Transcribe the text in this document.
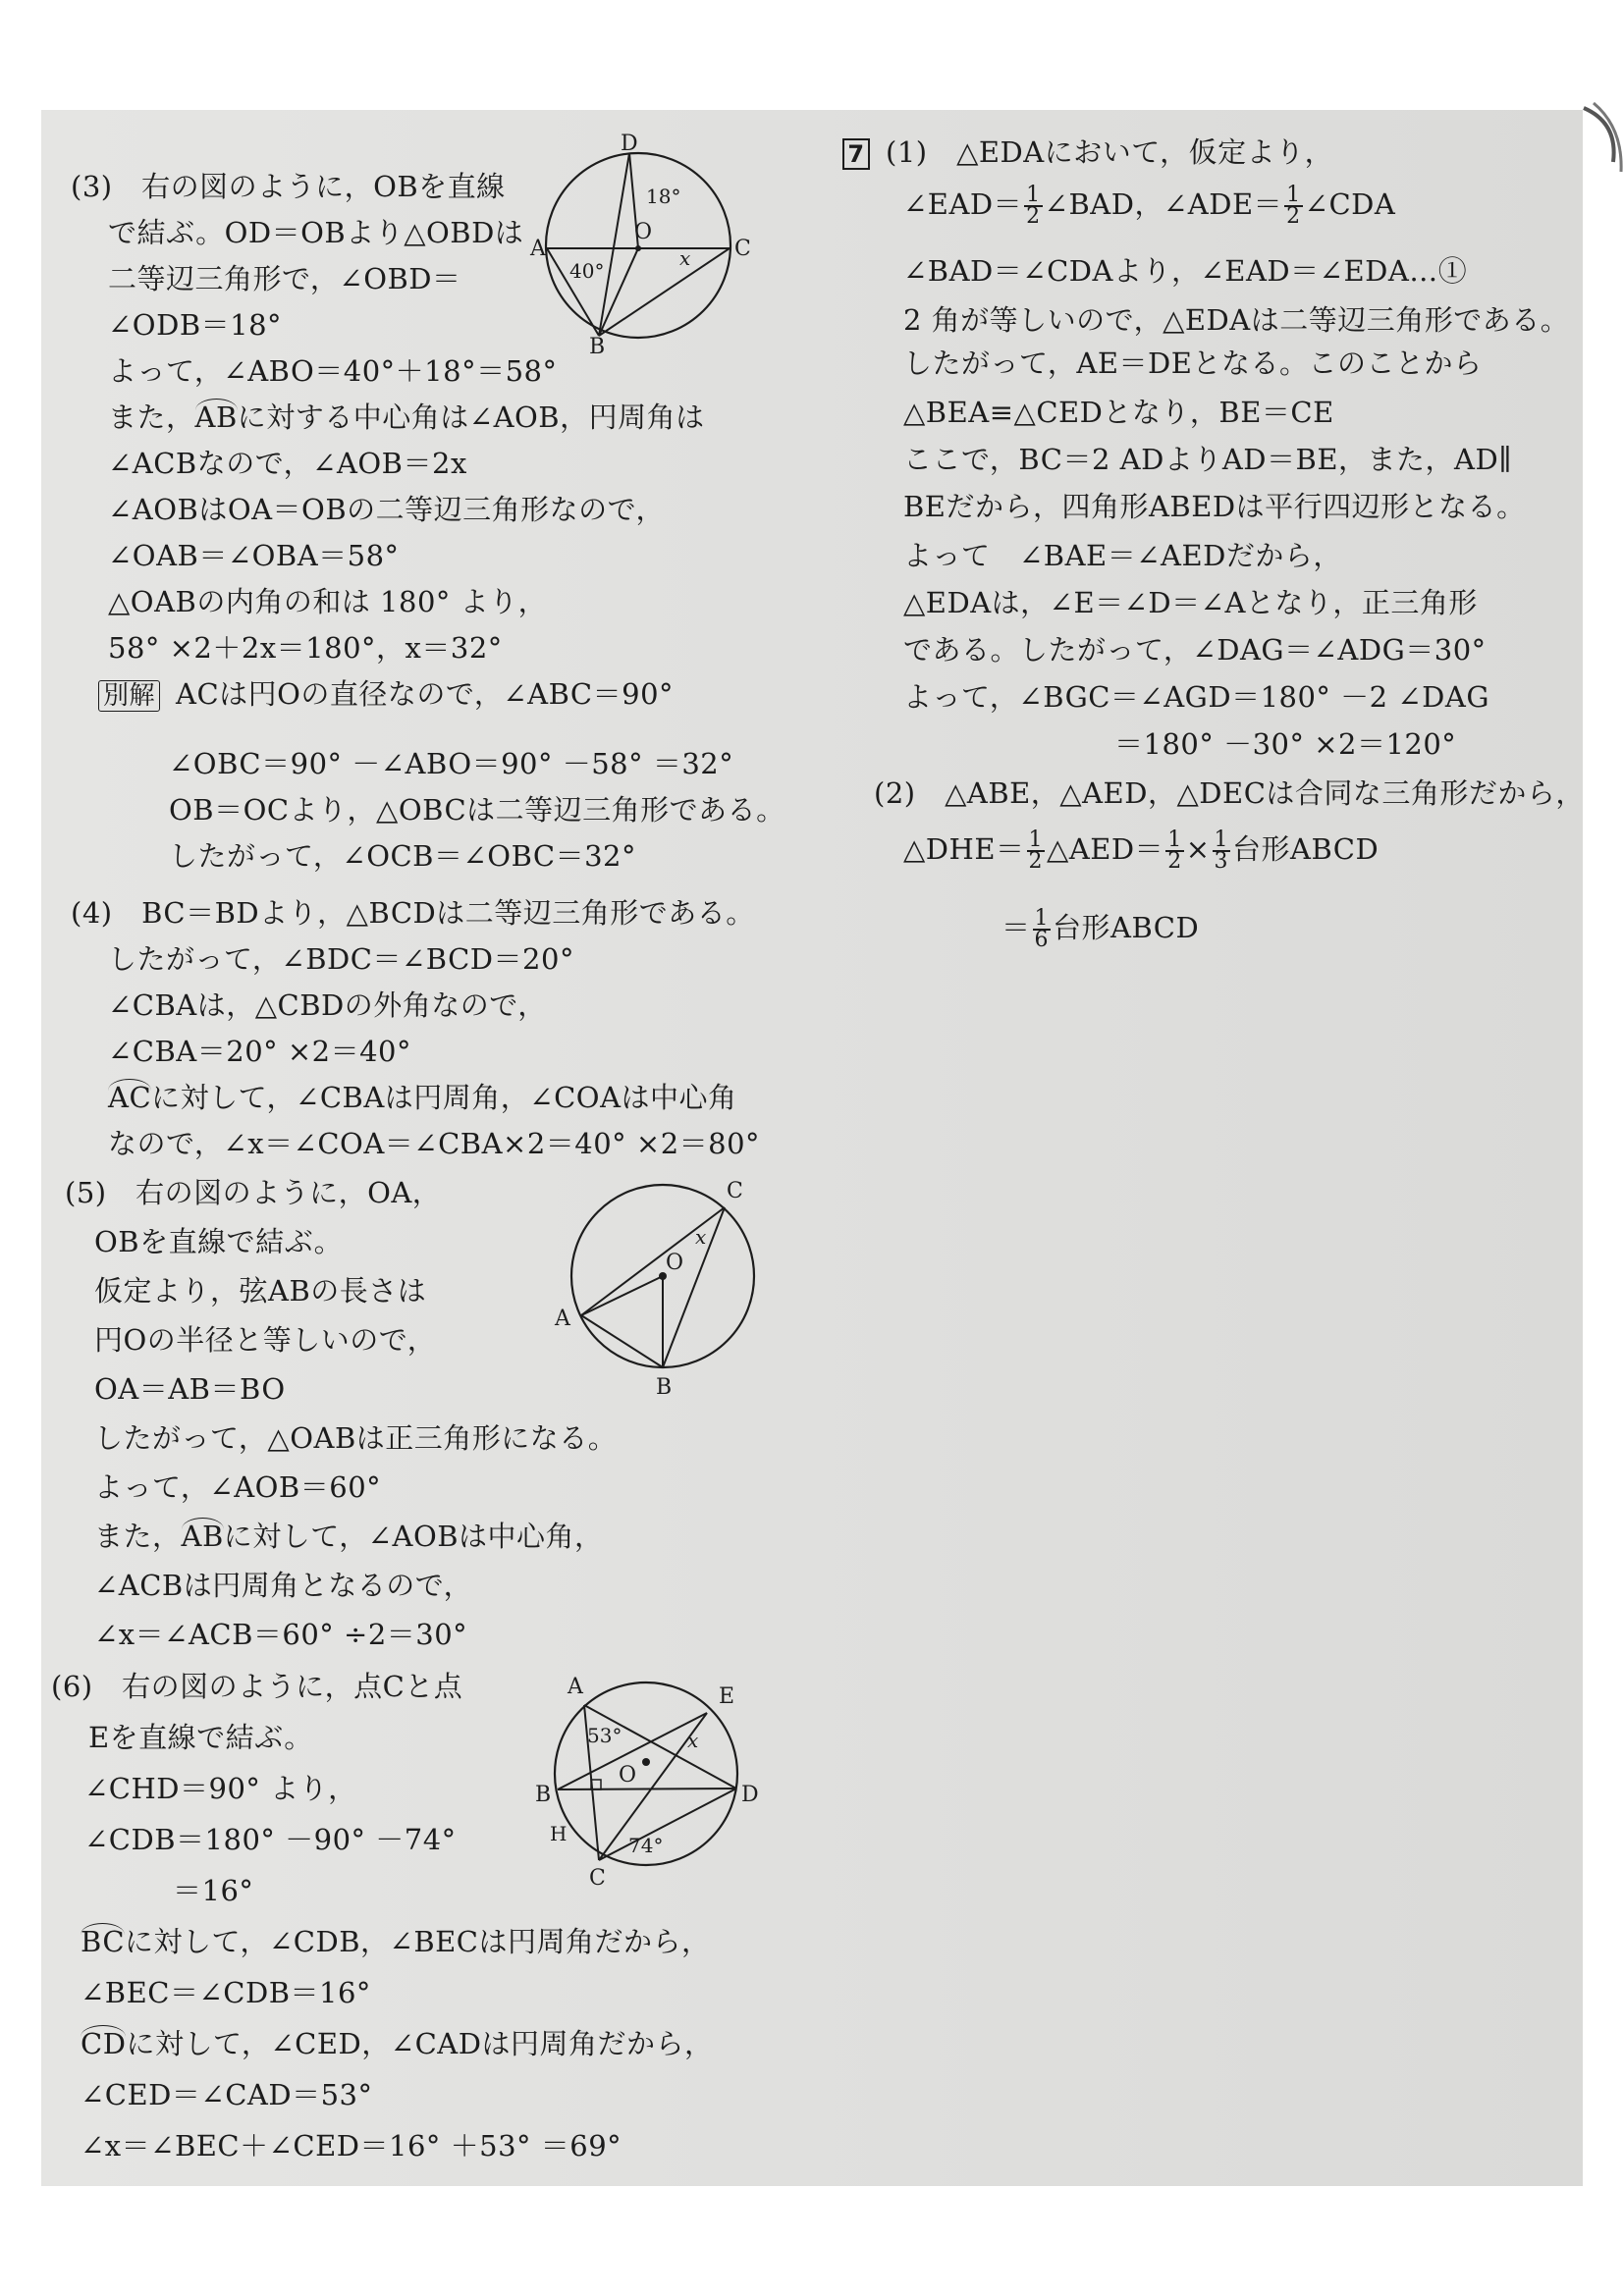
(3)　右の図のように，OBを直線
で結ぶ。OD＝OBより△OBDは
二等辺三角形で，∠OBD＝
∠ODB＝18°
よって，∠ABO＝40°＋18°＝58°
また，ABに対する中心角は∠AOB，円周角は
∠ACBなので，∠AOB＝2x
∠AOBはOA＝OBの二等辺三角形なので，
∠OAB＝∠OBA＝58°
△OABの内角の和は 180° より，
58° ×2＋2x＝180°，x＝32°
別解 ACは円Oの直径なので，∠ABC＝90°
∠OBC＝90° －∠ABO＝90° －58° ＝32°
OB＝OCより，△OBCは二等辺三角形である。
したがって，∠OCB＝∠OBC＝32°
D
18°
A
O
C
40°
x
B
(4)　BC＝BDより，△BCDは二等辺三角形である。
したがって，∠BDC＝∠BCD＝20°
∠CBAは，△CBDの外角なので，
∠CBA＝20° ×2＝40°
ACに対して，∠CBAは円周角，∠COAは中心角
なので，∠x＝∠COA＝∠CBA×2＝40° ×2＝80°
(5)　右の図のように，OA，
OBを直線で結ぶ。
仮定より，弦ABの長さは
円Oの半径と等しいので，
OA＝AB＝BO
したがって，△OABは正三角形になる。
よって，∠AOB＝60°
また，ABに対して，∠AOBは中心角，
∠ACBは円周角となるので，
∠x＝∠ACB＝60° ÷2＝30°
C
x
O
A
B
(6)　右の図のように，点Cと点
Eを直線で結ぶ。
∠CHD＝90° より，
∠CDB＝180° －90° －74°
＝16°
BCに対して，∠CDB，∠BECは円周角だから，
∠BEC＝∠CDB＝16°
CDに対して，∠CED，∠CADは円周角だから，
∠CED＝∠CAD＝53°
∠x＝∠BEC＋∠CED＝16° ＋53° ＝69°
A	E
53°	x
O
B	D
H	74°
C
7 (1)　△EDAにおいて，仮定より，
∠EAD＝ $\frac{1}{2}$ ∠BAD，∠ADE＝ $\frac{1}{2}$ ∠CDA
∠BAD＝∠CDAより，∠EAD＝∠EDA…①
2 角が等しいので，△EDAは二等辺三角形である。
したがって，AE＝DEとなる。このことから
△BEA≡△CEDとなり，BE＝CE
ここで，BC＝2 ADよりAD＝BE，また，AD∥
BEだから，四角形ABEDは平行四辺形となる。
よって　∠BAE＝∠AEDだから，
△EDAは，∠E＝∠D＝∠Aとなり，正三角形
である。したがって，∠DAG＝∠ADG＝30°
よって，∠BGC＝∠AGD＝180° －2 ∠DAG
＝180° －30° ×2＝120°
(2)　△ABE，△AED，△DECは合同な三角形だから，
△DHE＝ $\frac{1}{2}$ △AED＝ $\frac{1}{2} \times \frac{1}{3}$ 台形ABCD
＝ $\frac{1}{6}$ 台形ABCD
